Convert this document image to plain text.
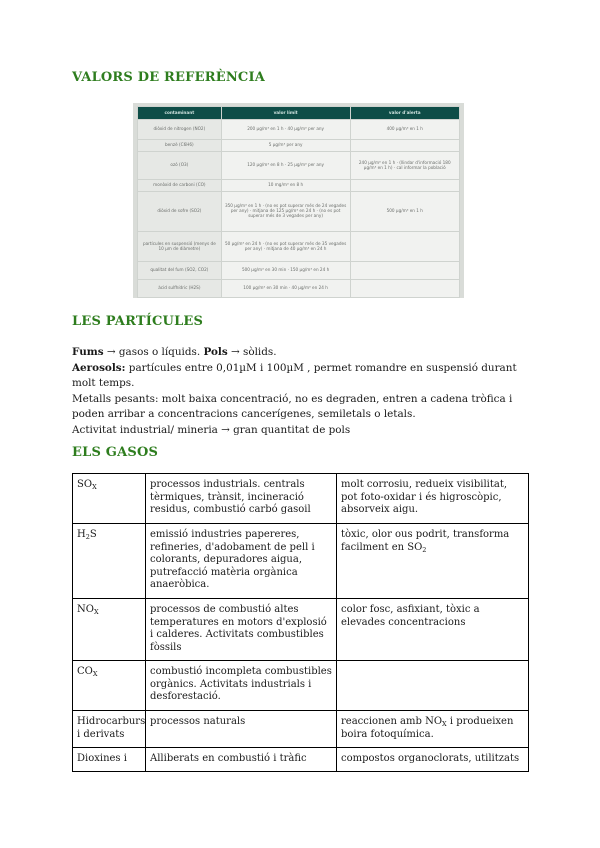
VALORS DE REFERÈNCIA
contaminant	valor límit	valor d'alerta
diòxid de nitrogen (NO2)	200 µg/m³ en 1 h · 40 µg/m³ per any	400 µg/m³ en 1 h
benzè (C6H6)	5 µg/m³ per any	
ozó (O3)	120 µg/m³ en 8 h · 25 µg/m³ per any	240 µg/m³ en 1 h · (llindar d'informació 180 µg/m³ en 1 h) · cal informar la població
monòxid de carboni (CO)	10 mg/m³ en 8 h	
diòxid de sofre (SO2)	350 µg/m³ en 1 h · (no es pot superar més de 24 vegades per any) · mitjana de 125 µg/m³ en 24 h · (no es pot superar més de 3 vegades per any)	500 µg/m³ en 1 h
partícules en suspensió (menys de 10 µm de diàmetre)	50 µg/m³ en 24 h · (no es pot superar més de 35 vegades per any) · mitjana de 40 µg/m³ en 24 h	
qualitat del fum (SO2, CO2)	500 µg/m³ en 30 min · 150 µg/m³ en 24 h	
àcid sulfhídric (H2S)	100 µg/m³ en 30 min · 40 µg/m³ en 24 h	
LES PARTÍCULES

Fums → gasos o líquids. Pols → sòlids.

Aerosols: partícules entre 0,01µM i 100µM , permet romandre en suspensió durant molt temps.

Metalls pesants: molt baixa concentració, no es degraden, entren a cadena tròfica i poden arribar a concentracions cancerígenes, semiletals o letals.

Activitat industrial/ mineria → gran quantitat de pols

ELS GASOS
$SO_X$	processos industrials. centrals tèrmiques, trànsit, incineració residus, combustió carbó gasoil	molt corrosiu, redueix visibilitat, pot foto-oxidar i és higroscòpic, absorveix aigu.
$H_2S$	emissió industries papereres, refineries, d'adobament de pell i colorants, depuradores aigua, putrefacció matèria orgànica anaeròbica.	tòxic, olor ous podrit, transforma facilment en $SO_2$
$NO_X$	processos de combustió altes temperatures en motors d'explosió i calderes. Activitats combustibles fòssils	color fosc, asfixiant, tòxic a elevades concentracions
$CO_X$	combustió incompleta combustibles orgànics. Activitats industrials i desforestació.	
Hidrocarburs i derivats	processos naturals	reaccionen amb $NO_X$ i produeixen boira fotoquímica.
Dioxines i	Alliberats en combustió i tràfic	compostos organoclorats, utilitzats
